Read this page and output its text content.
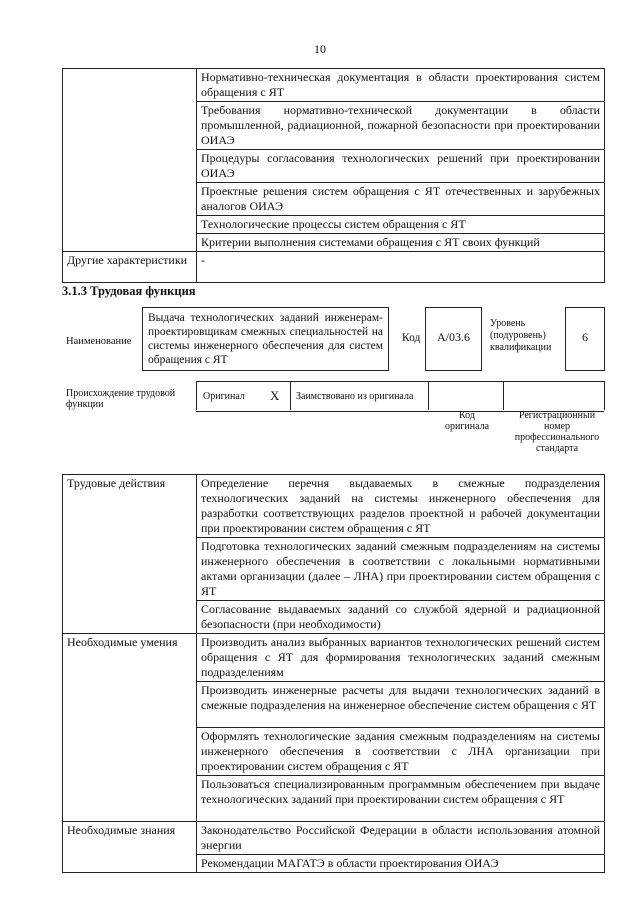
10

	Нормативно-техническая документация в области проектирования систем обращения с ЯТ

	Требования нормативно-технической документации в области промышленной, радиационной, пожарной безопасности при проектировании ОИАЭ

	Процедуры согласования технологических решений при проектировании ОИАЭ

	Проектные решения систем обращения с ЯТ отечественных и зарубежных аналогов ОИАЭ

	Технологические процессы систем обращения с ЯТ

	Критерии выполнения системами обращения с ЯТ своих функций

Другие характеристики	-
3.1.3 Трудовая функция
Наименование
Выдача технологических заданий инженерам-проектировщикам смежных специальностей на системы инженерного обеспечения для систем обращения с ЯТ
Код	A/03.6
Уровень (подуровень) квалификации
6
Происхождение трудовой функции
Оригинал X Заимствовано из оригинала
Код оригинала
Регистрационный номер профессионального стандарта
Трудовые действия	Определение перечня выдаваемых в смежные подразделения технологических заданий на системы инженерного обеспечения для разработки соответствующих разделов проектной и рабочей документации при проектировании систем обращения с ЯТ

	Подготовка технологических заданий смежным подразделениям на системы инженерного обеспечения в соответствии с локальными нормативными актами организации (далее – ЛНА) при проектировании систем обращения с ЯТ

	Согласование выдаваемых заданий со службой ядерной и радиационной безопасности (при необходимости)

Необходимые умения	Производить анализ выбранных вариантов технологических решений систем обращения с ЯТ для формирования технологических заданий смежным подразделениям

	Производить инженерные расчеты для выдачи технологических заданий в смежные подразделения на инженерное обеспечение систем обращения с ЯТ

	Оформлять технологические задания смежным подразделениям на системы инженерного обеспечения в соответствии с ЛНА организации при проектировании систем обращения с ЯТ

	Пользоваться специализированным программным обеспечением при выдаче технологических заданий при проектировании систем обращения с ЯТ

Необходимые знания	Законодательство Российской Федерации в области использования атомной энергии

	Рекомендации МАГАТЭ в области проектирования ОИАЭ
